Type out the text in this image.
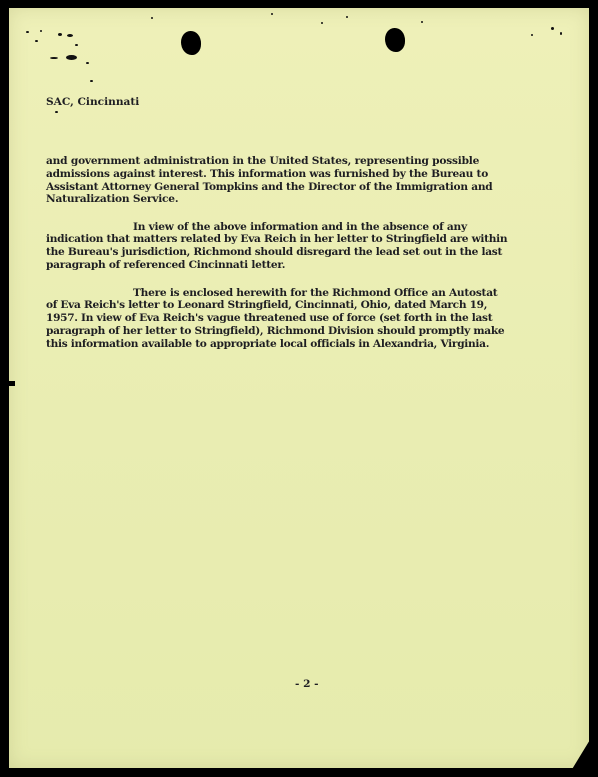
SAC, Cincinnati
and government administration in the United States, representing possible
admissions against interest. This information was furnished by the Bureau to
Assistant Attorney General Tompkins and the Director of the Immigration and
Naturalization Service.
In view of the above information and in the absence of any
indication that matters related by Eva Reich in her letter to Stringfield are within
the Bureau's jurisdiction, Richmond should disregard the lead set out in the last
paragraph of referenced Cincinnati letter.
There is enclosed herewith for the Richmond Office an Autostat
of Eva Reich's letter to Leonard Stringfield, Cincinnati, Ohio, dated March 19,
1957. In view of Eva Reich's vague threatened use of force (set forth in the last
paragraph of her letter to Stringfield), Richmond Division should promptly make
this information available to appropriate local officials in Alexandria, Virginia.
- 2 -
